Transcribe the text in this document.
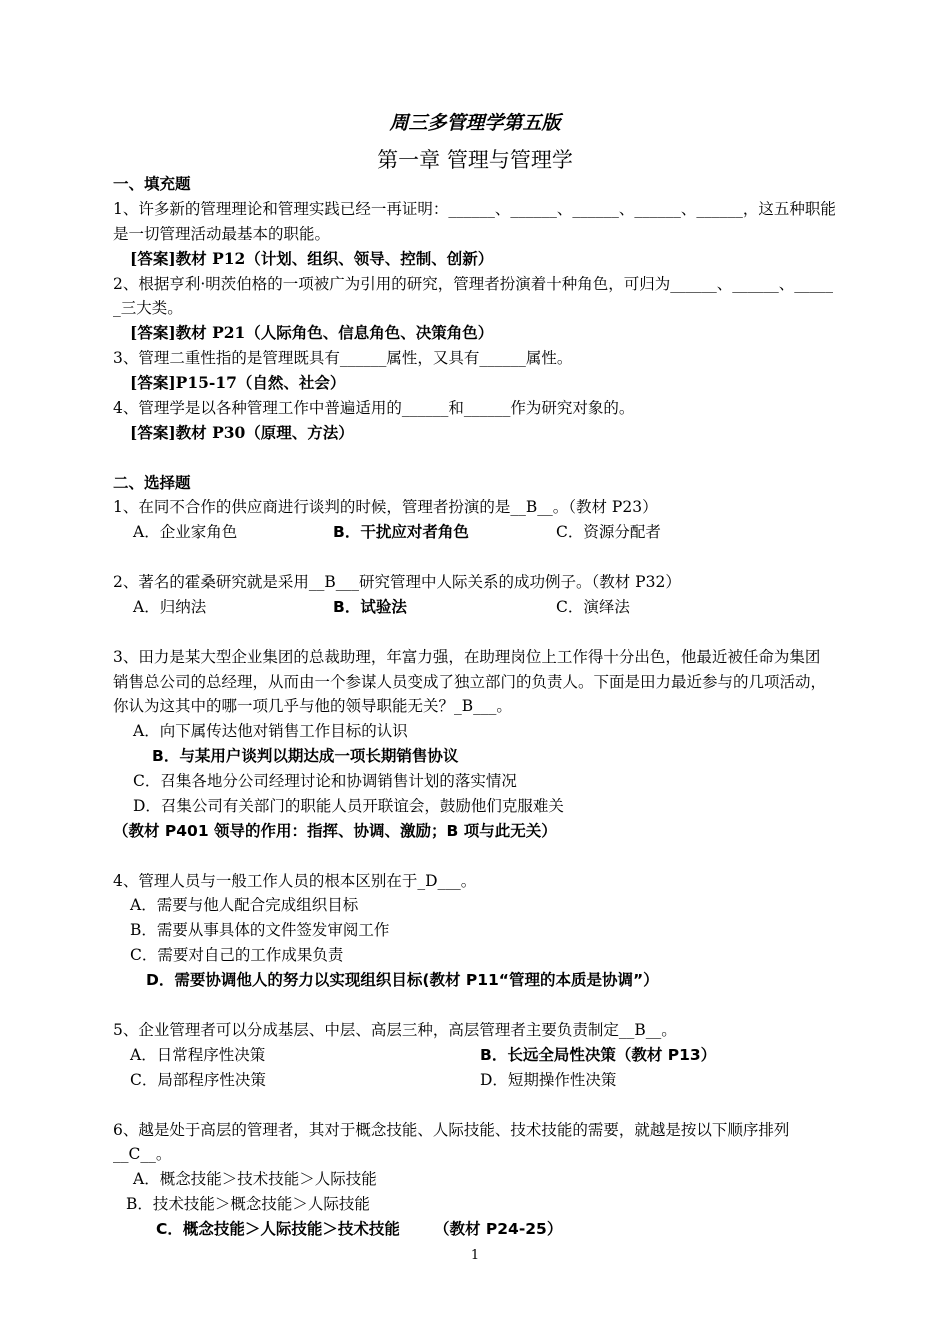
周三多管理学第五版
第一章 管理与管理学
一、填充题
1、许多新的管理理论和管理实践已经一再证明：______、______、______、______、______，这五种职能
是一切管理活动最基本的职能。
[答案]教材 P12（计划、组织、领导、控制、创新）
2、根据亨利·明茨伯格的一项被广为引用的研究，管理者扮演着十种角色，可归为______、______、_____
_三大类。
[答案]教材 P21（人际角色、信息角色、决策角色）
3、管理二重性指的是管理既具有______属性，又具有______属性。
[答案]P15-17（自然、社会）
4、管理学是以各种管理工作中普遍适用的______和______作为研究对象的。
[答案]教材 P30（原理、方法）
二、选择题
1、在同不合作的供应商进行谈判的时候，管理者扮演的是__B__。（教材 P23）
A．企业家角色	B．干扰应对者角色	C．资源分配者
2、著名的霍桑研究就是采用__B___研究管理中人际关系的成功例子。（教材 P32）
A．归纳法	B．试验法	C．演绎法
3、田力是某大型企业集团的总裁助理，年富力强，在助理岗位上工作得十分出色，他最近被任命为集团
销售总公司的总经理，从而由一个参谋人员变成了独立部门的负责人。下面是田力最近参与的几项活动，
你认为这其中的哪一项几乎与他的领导职能无关？_B___。
A．向下属传达他对销售工作目标的认识
B．与某用户谈判以期达成一项长期销售协议
C．召集各地分公司经理讨论和协调销售计划的落实情况
D．召集公司有关部门的职能人员开联谊会，鼓励他们克服难关
（教材 P401 领导的作用：指挥、协调、激励；B 项与此无关）
4、管理人员与一般工作人员的根本区别在于_D___。
A．需要与他人配合完成组织目标
B．需要从事具体的文件签发审阅工作
C．需要对自己的工作成果负责
D．需要协调他人的努力以实现组织目标(教材 P11“管理的本质是协调”）
5、企业管理者可以分成基层、中层、高层三种，高层管理者主要负责制定__B__。
A．日常程序性决策	B．长远全局性决策（教材 P13）
C．局部程序性决策	D．短期操作性决策
6、越是处于高层的管理者，其对于概念技能、人际技能、技术技能的需要，就越是按以下顺序排列
__C__。
A．概念技能＞技术技能＞人际技能
B．技术技能＞概念技能＞人际技能
C．概念技能＞人际技能＞技术技能 （教材 P24-25）
1
